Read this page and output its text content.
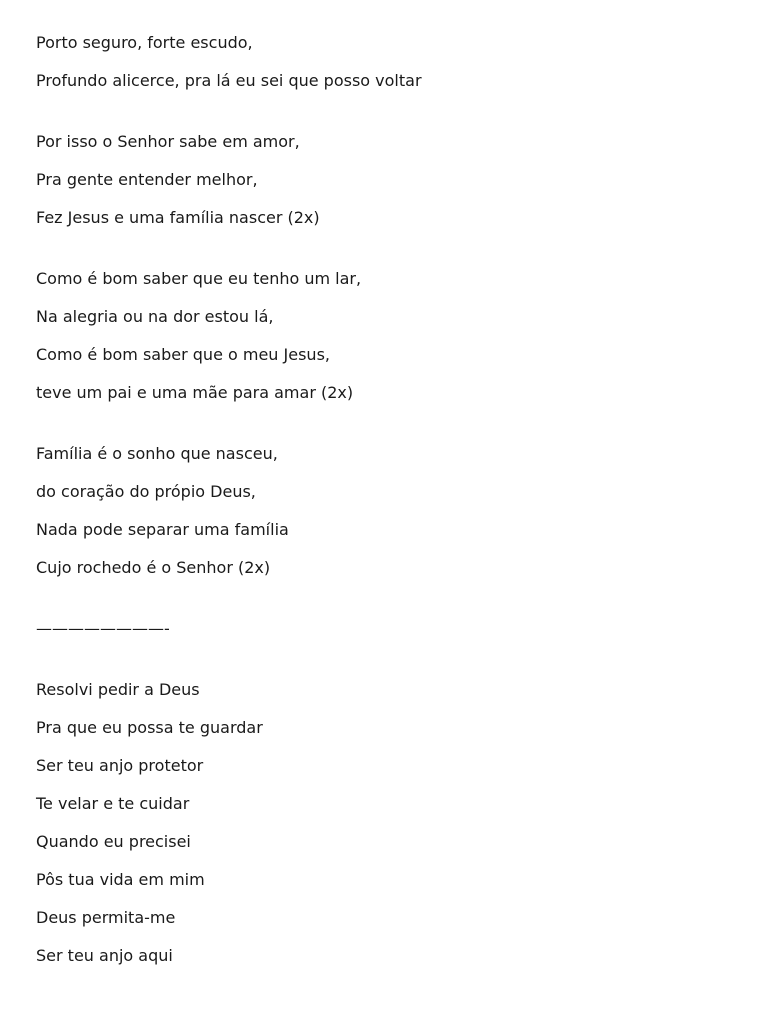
Porto seguro, forte escudo,

Profundo alicerce, pra lá eu sei que posso voltar

Por isso o Senhor sabe em amor,

Pra gente entender melhor,

Fez Jesus e uma família nascer (2x)

Como é bom saber que eu tenho um lar,

Na alegria ou na dor estou lá,

Como é bom saber que o meu Jesus,

teve um pai e uma mãe para amar (2x)

Família é o sonho que nasceu,

do coração do própio Deus,

Nada pode separar uma família

Cujo rochedo é o Senhor (2x)

————————-

Resolvi pedir a Deus

Pra que eu possa te guardar

Ser teu anjo protetor

Te velar e te cuidar

Quando eu precisei

Pôs tua vida em mim

Deus permita-me

Ser teu anjo aqui
